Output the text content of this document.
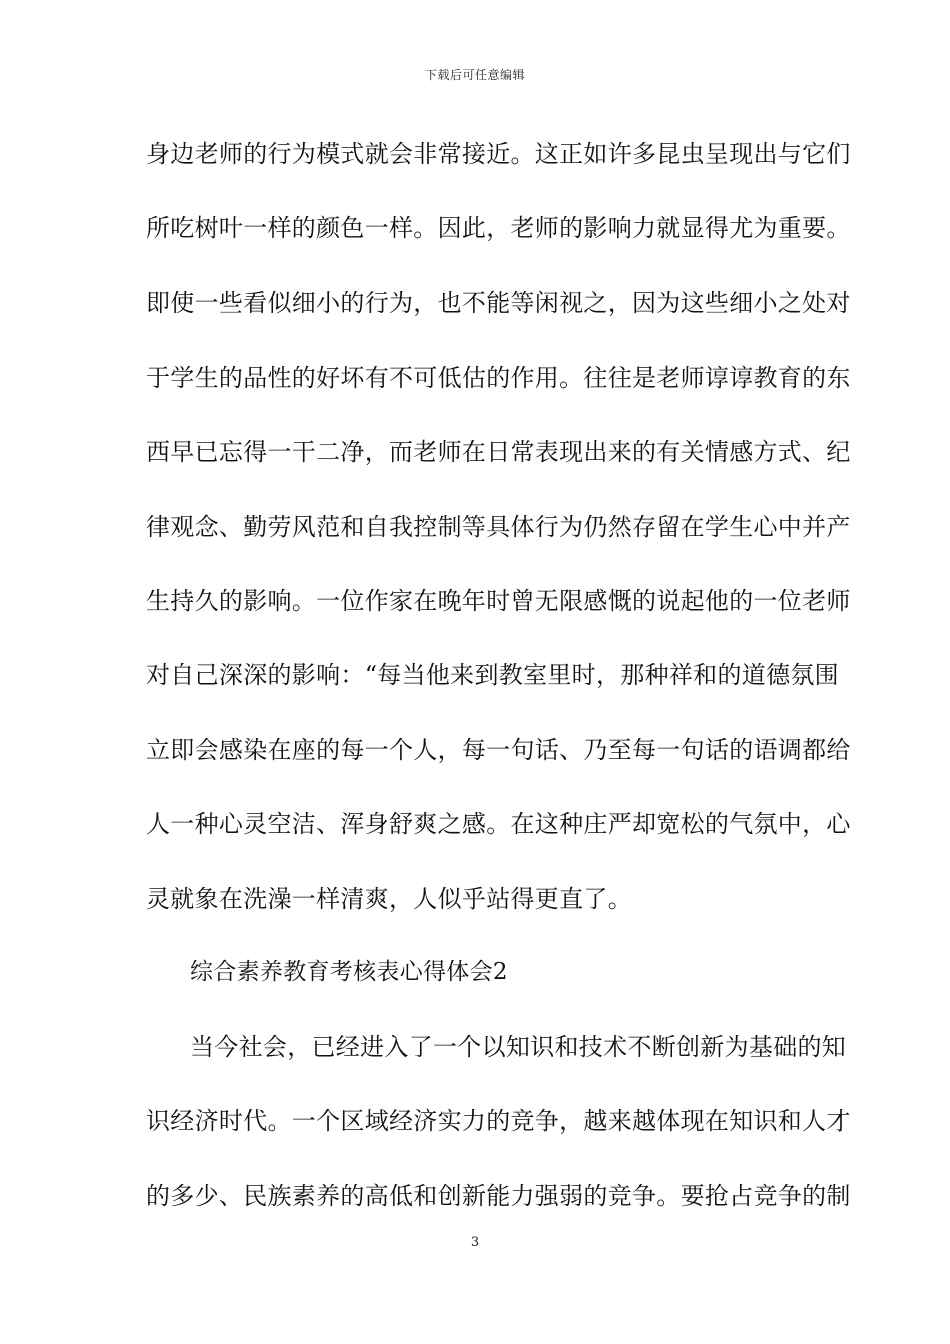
下载后可任意编辑
身边老师的行为模式就会非常接近。这正如许多昆虫呈现出与它们
所吃树叶一样的颜色一样。因此，老师的影响力就显得尤为重要。
即使一些看似细小的行为，也不能等闲视之，因为这些细小之处对
于学生的品性的好坏有不可低估的作用。往往是老师谆谆教育的东
西早已忘得一干二净，而老师在日常表现出来的有关情感方式、纪
律观念、勤劳风范和自我控制等具体行为仍然存留在学生心中并产
生持久的影响。一位作家在晚年时曾无限感慨的说起他的一位老师
对自己深深的影响：“每当他来到教室里时，那种祥和的道德氛围
立即会感染在座的每一个人，每一句话、乃至每一句话的语调都给
人一种心灵空洁、浑身舒爽之感。在这种庄严却宽松的气氛中，心
灵就象在洗澡一样清爽，人似乎站得更直了。
综合素养教育考核表心得体会2
当今社会，已经进入了一个以知识和技术不断创新为基础的知
识经济时代。一个区域经济实力的竞争，越来越体现在知识和人才
的多少、民族素养的高低和创新能力强弱的竞争。要抢占竞争的制
3
